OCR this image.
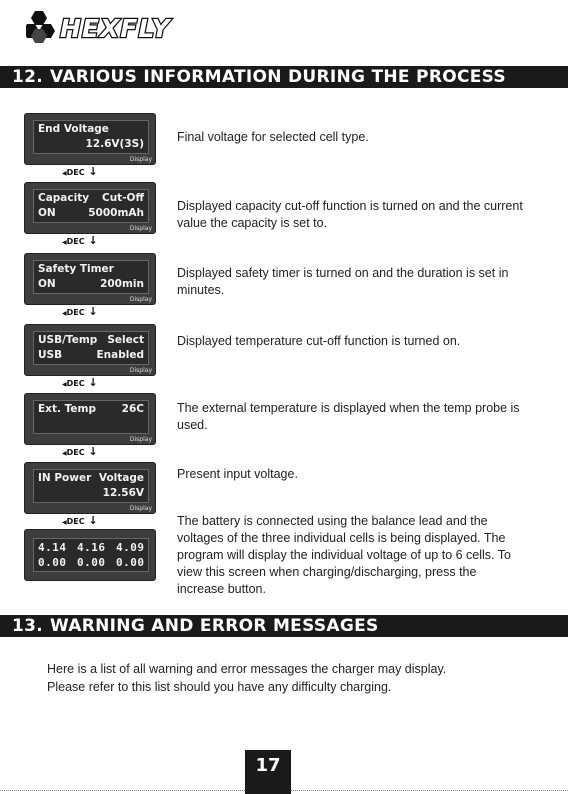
HEXFLY
12. VARIOUS INFORMATION DURING THE PROCESS
End Voltage
12.6V(3S)
Display
Final voltage for selected cell type.
◀DEC ↓
Capacity Cut-Off
ON	5000mAh
Display
Displayed capacity cut-off function is turned on and the current value the capacity is set to.
◀DEC ↓
Safety Timer
ON	200min
Display
Displayed safety timer is turned on and the duration is set in minutes.
◀DEC ↓
USB/Temp Select
USB	Enabled
Display
Displayed temperature cut-off function is turned on.
◀DEC ↓
Ext. Temp 26C
Display
The external temperature is displayed when the temp probe is used.
◀DEC ↓
IN Power Voltage
12.56V
Display
Present input voltage.
◀DEC ↓
4.14 4.16 4.09
0.00 0.00 0.00
The battery is connected using the balance lead and the voltages of the three individual cells is being displayed. The program will display the individual voltage of up to 6 cells. To view this screen when charging/discharging, press the increase button.
13. WARNING AND ERROR MESSAGES
Here is a list of all warning and error messages the charger may display.
Please refer to this list should you have any difficulty charging.
17
